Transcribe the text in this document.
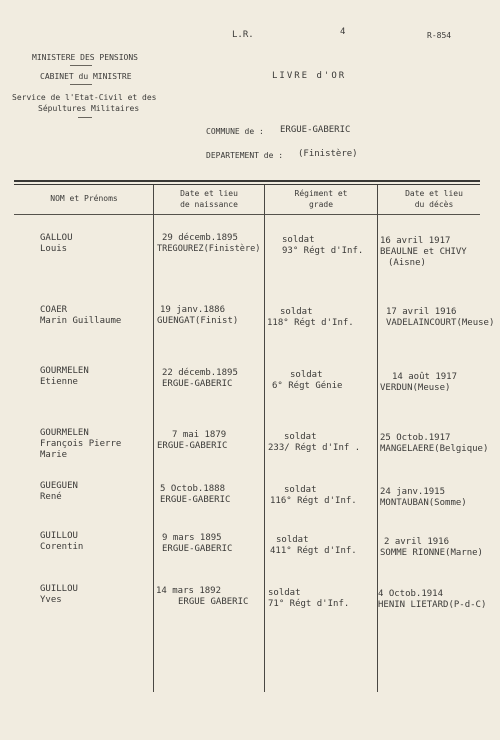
L.R.	4	R-854
MINISTERE DES PENSIONS
CABINET du MINISTRE
Service de l'Etat-Civil et des
Sépultures Militaires
LIVRE d'OR
COMMUNE de : ERGUE-GABERIC
DEPARTEMENT de : (Finistère)
NOM et Prénoms
Date et lieu
de naissance
Régiment et
grade
Date et lieu
du décès
GALLOU
Louis
29 décemb.1895
TREGOUREZ(Finistère)
soldat
93° Régt d'Inf.
16 avril 1917
BEAULNE et CHIVY
(Aisne)
COAER
Marin Guillaume
19 janv.1886
GUENGAT(Finist)
soldat
118° Régt d'Inf.
17 avril 1916
VADELAINCOURT(Meuse)
GOURMELEN
Etienne
22 décemb.1895
ERGUE-GABERIC
soldat
6° Régt Génie
14 août 1917
VERDUN(Meuse)
GOURMELEN
François Pierre
Marie
7 mai 1879
ERGUE-GABERIC
soldat
233/ Régt d'Inf .
25 Octob.1917
MANGELAERE(Belgique)
GUEGUEN
René
5 Octob.1888
ERGUE-GABERIC
soldat
116° Régt d'Inf.
24 janv.1915
MONTAUBAN(Somme)
GUILLOU
Corentin
9 mars 1895
ERGUE-GABERIC
soldat
411° Régt d'Inf.
2 avril 1916
SOMME RIONNE(Marne)
GUILLOU
Yves
14 mars 1892
ERGUE GABERIC
soldat
71° Régt d'Inf.
4 Octob.1914
HENIN LIETARD(P-d-C)
